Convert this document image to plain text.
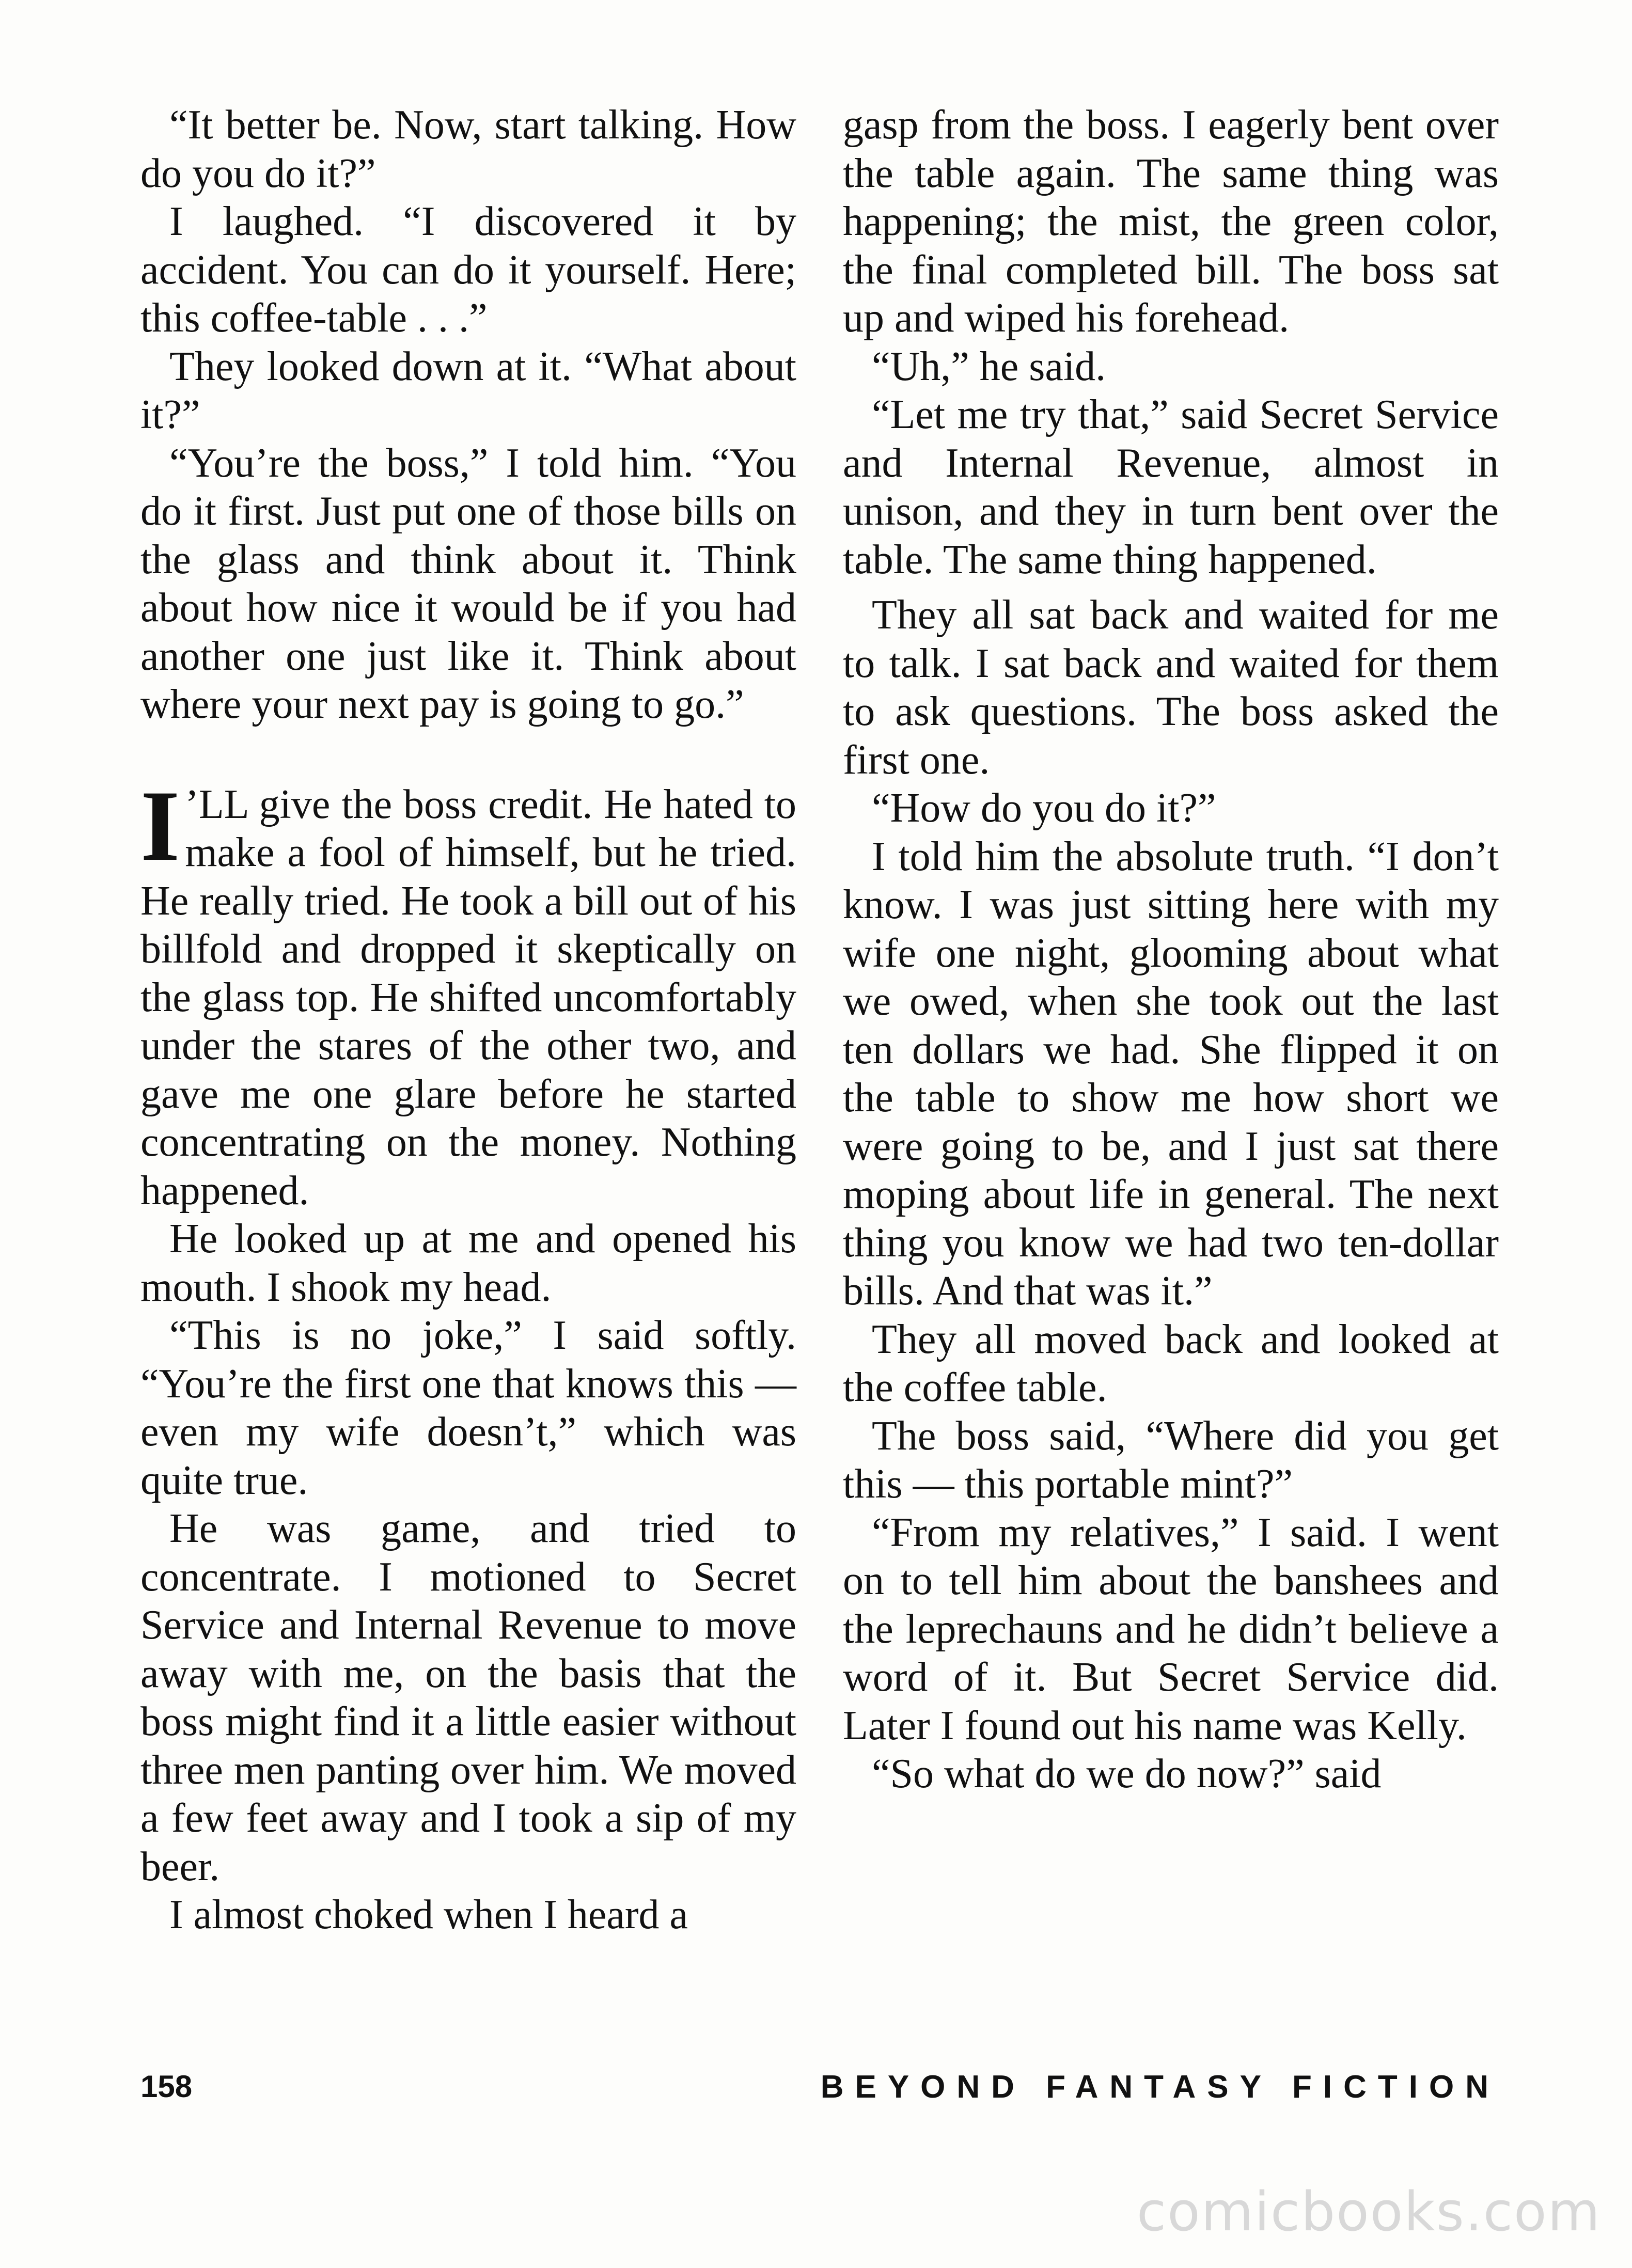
“It better be. Now, start talking. How do you do it?”

I laughed. “I discovered it by accident. You can do it yourself. Here; this coffee-table . . .”

They looked down at it. “What about it?”

“You’re the boss,” I told him. “You do it first. Just put one of those bills on the glass and think about it. Think about how nice it would be if you had another one just like it. Think about where your next pay is going to go.”

I ’LL give the boss credit. He hated to make a fool of himself, but he tried. He really tried. He took a bill out of his billfold and dropped it skeptically on the glass top. He shifted uncomfortably under the stares of the other two, and gave me one glare before he started concentrating on the money. Nothing happened.

He looked up at me and opened his mouth. I shook my head.

“This is no joke,” I said softly. “You’re the first one that knows this — even my wife doesn’t,” which was quite true.

He was game, and tried to concentrate. I motioned to Secret Service and Internal Revenue to move away with me, on the basis that the boss might find it a little easier without three men panting over him. We moved a few feet away and I took a sip of my beer.

I almost choked when I heard a

gasp from the boss. I eagerly bent over the table again. The same thing was happening; the mist, the green color, the final completed bill. The boss sat up and wiped his forehead.

“Uh,” he said.

“Let me try that,” said Secret Service and Internal Revenue, almost in unison, and they in turn bent over the table. The same thing happened.

They all sat back and waited for me to talk. I sat back and waited for them to ask questions. The boss asked the first one.

“How do you do it?”

I told him the absolute truth. “I don’t know. I was just sitting here with my wife one night, glooming about what we owed, when she took out the last ten dollars we had. She flipped it on the table to show me how short we were going to be, and I just sat there moping about life in general. The next thing you know we had two ten-dollar bills. And that was it.”

They all moved back and looked at the coffee table.

The boss said, “Where did you get this — this portable mint?”

“From my relatives,” I said. I went on to tell him about the banshees and the leprechauns and he didn’t believe a word of it. But Secret Service did. Later I found out his name was Kelly.

“So what do we do now?” said

158	BEYOND FANTASY FICTION
comicbooks.com
